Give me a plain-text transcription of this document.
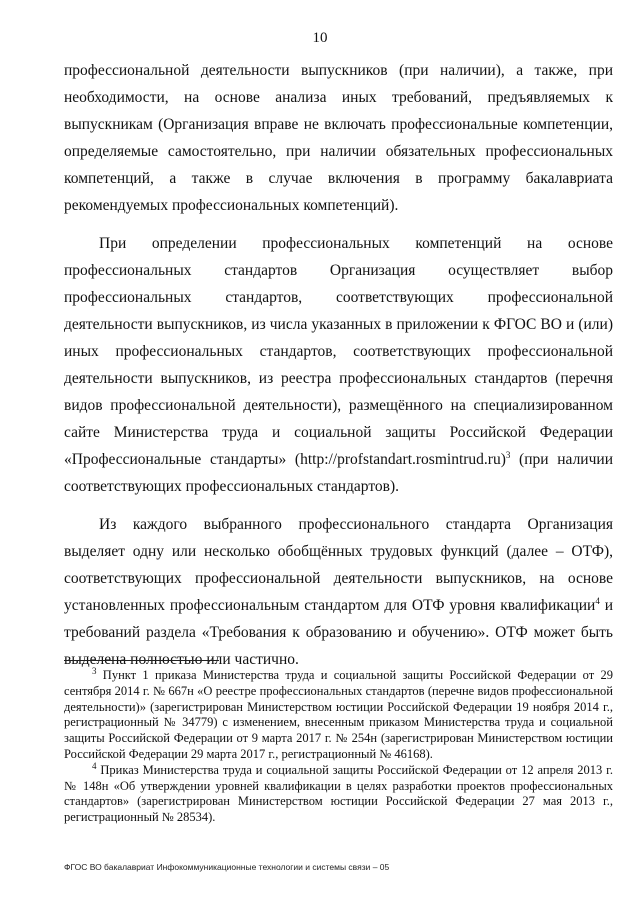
10

профессиональной деятельности выпускников (при наличии), а также, при необходимости, на основе анализа иных требований, предъявляемых к выпускникам (Организация вправе не включать профессиональные компетенции, определяемые самостоятельно, при наличии обязательных профессиональных компетенций, а также в случае включения в программу бакалавриата рекомендуемых профессиональных компетенций).

При определении профессиональных компетенций на основе профессиональных стандартов Организация осуществляет выбор профессиональных стандартов, соответствующих профессиональной деятельности выпускников, из числа указанных в приложении к ФГОС ВО и (или) иных профессиональных стандартов, соответствующих профессиональной деятельности выпускников, из реестра профессиональных стандартов (перечня видов профессиональной деятельности), размещённого на специализированном сайте Министерства труда и социальной защиты Российской Федерации «Профессиональные стандарты» (http://profstandart.rosmintrud.ru)$^3$ (при наличии соответствующих профессиональных стандартов).

Из каждого выбранного профессионального стандарта Организация выделяет одну или несколько обобщённых трудовых функций (далее – ОТФ), соответствующих профессиональной деятельности выпускников, на основе установленных профессиональным стандартом для ОТФ уровня квалификации$^4$ и требований раздела «Требования к образованию и обучению». ОТФ может быть выделена полностью или частично.

$^3$ Пункт 1 приказа Министерства труда и социальной защиты Российской Федерации от 29 сентября 2014 г. № 667н «О реестре профессиональных стандартов (перечне видов профессиональной деятельности)» (зарегистрирован Министерством юстиции Российской Федерации 19 ноября 2014 г., регистрационный № 34779) с изменением, внесенным приказом Министерства труда и социальной защиты Российской Федерации от 9 марта 2017 г. № 254н (зарегистрирован Министерством юстиции Российской Федерации 29 марта 2017 г., регистрационный № 46168).

$^4$ Приказ Министерства труда и социальной защиты Российской Федерации от 12 апреля 2013 г. № 148н «Об утверждении уровней квалификации в целях разработки проектов профессиональных стандартов» (зарегистрирован Министерством юстиции Российской Федерации 27 мая 2013 г., регистрационный № 28534).

ФГОС ВО бакалавриат Инфокоммуникационные технологии и системы связи – 05
